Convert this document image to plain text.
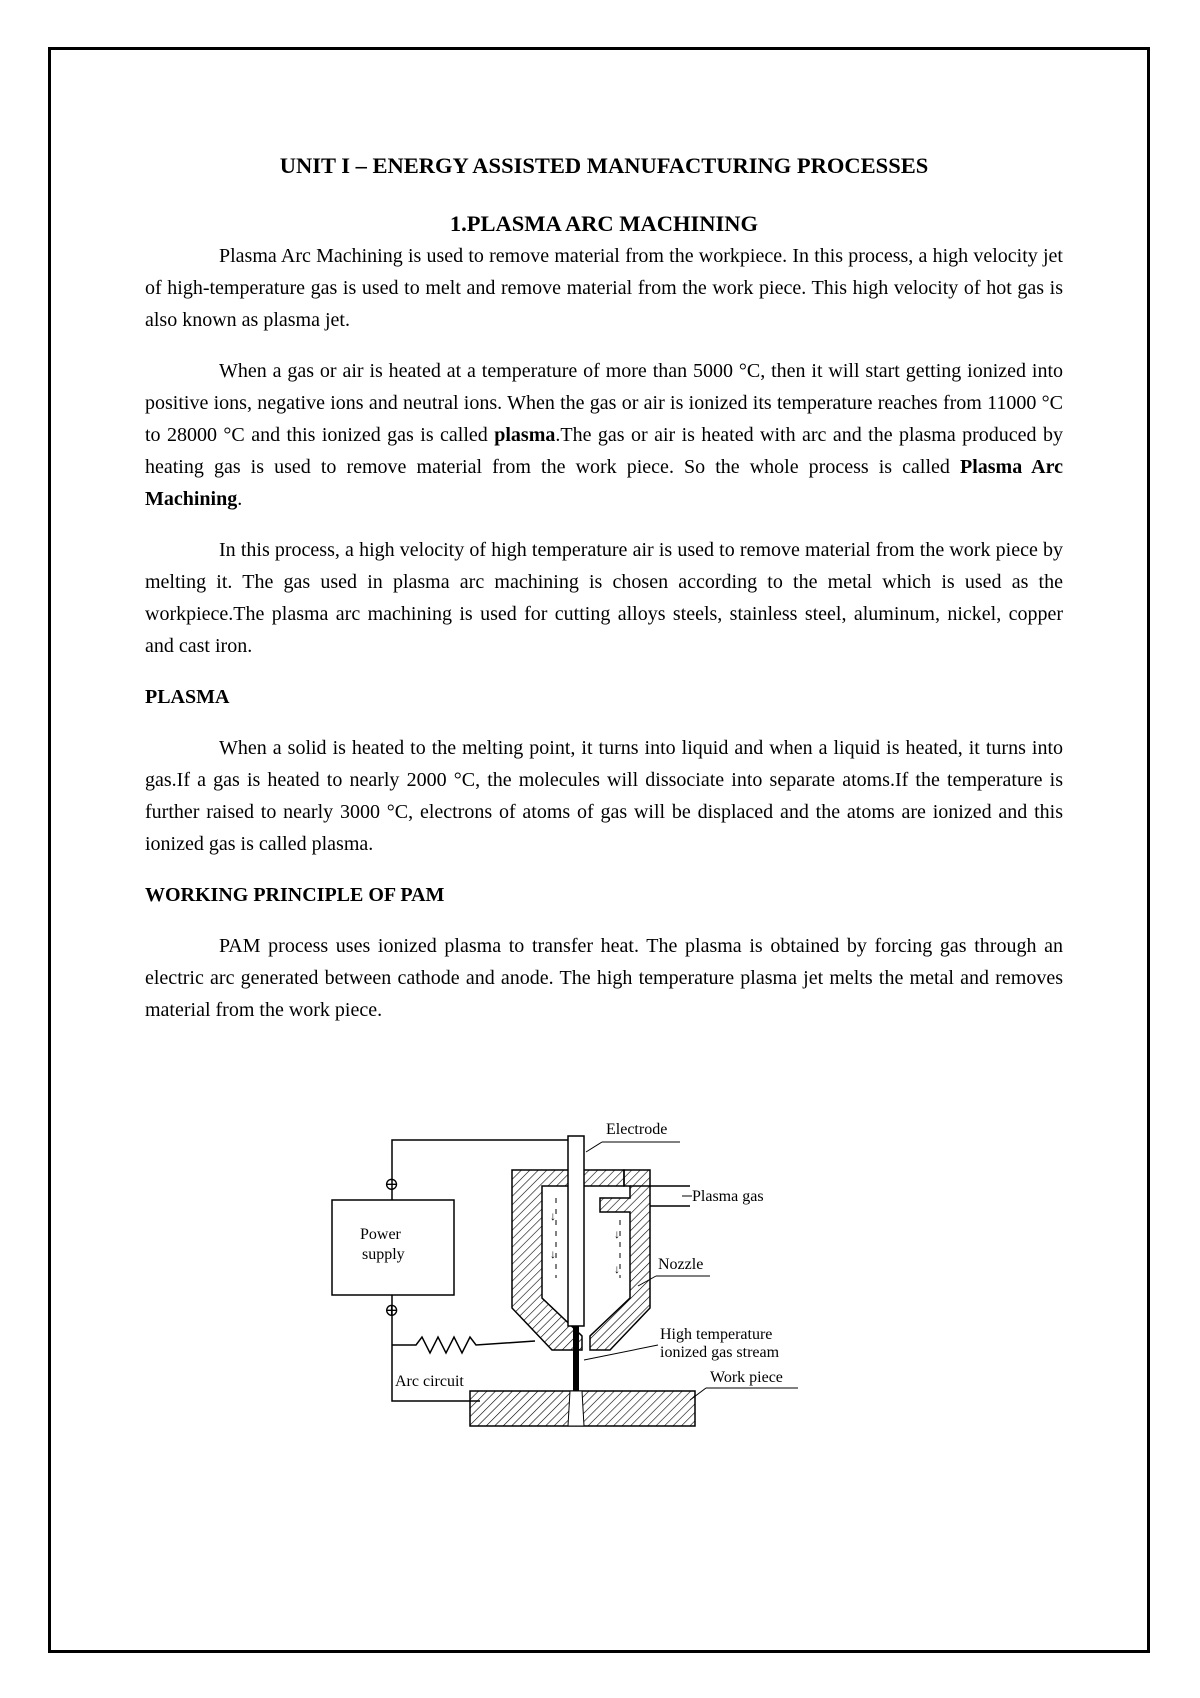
UNIT I – ENERGY ASSISTED MANUFACTURING PROCESSES
1.PLASMA ARC MACHINING

Plasma Arc Machining is used to remove material from the workpiece. In this process, a high velocity jet of high-temperature gas is used to melt and remove material from the work piece. This high velocity of hot gas is also known as plasma jet.

When a gas or air is heated at a temperature of more than 5000 °C, then it will start getting ionized into positive ions, negative ions and neutral ions. When the gas or air is ionized its temperature reaches from 11000 °C to 28000 °C and this ionized gas is called plasma.The gas or air is heated with arc and the plasma produced by heating gas is used to remove material from the work piece. So the whole process is called Plasma Arc Machining.

In this process, a high velocity of high temperature air is used to remove material from the work piece by melting it. The gas used in plasma arc machining is chosen according to the metal which is used as the workpiece.The plasma arc machining is used for cutting alloys steels, stainless steel, aluminum, nickel, copper and cast iron.

PLASMA

When a solid is heated to the melting point, it turns into liquid and when a liquid is heated, it turns into gas.If a gas is heated to nearly 2000 °C, the molecules will dissociate into separate atoms.If the temperature is further raised to nearly 3000 °C, electrons of atoms of gas will be displaced and the atoms are ionized and this ionized gas is called plasma.

WORKING PRINCIPLE OF PAM

PAM process uses ionized plasma to transfer heat. The plasma is obtained by forcing gas through an electric arc generated between cathode and anode. The high temperature plasma jet melts the metal and removes material from the work piece.

Power
supply
⊖
⊕
Arc circuit
↓
↓
↓
↓
Electrode
Plasma gas
Nozzle
High temperature
ionized gas stream
Work piece
